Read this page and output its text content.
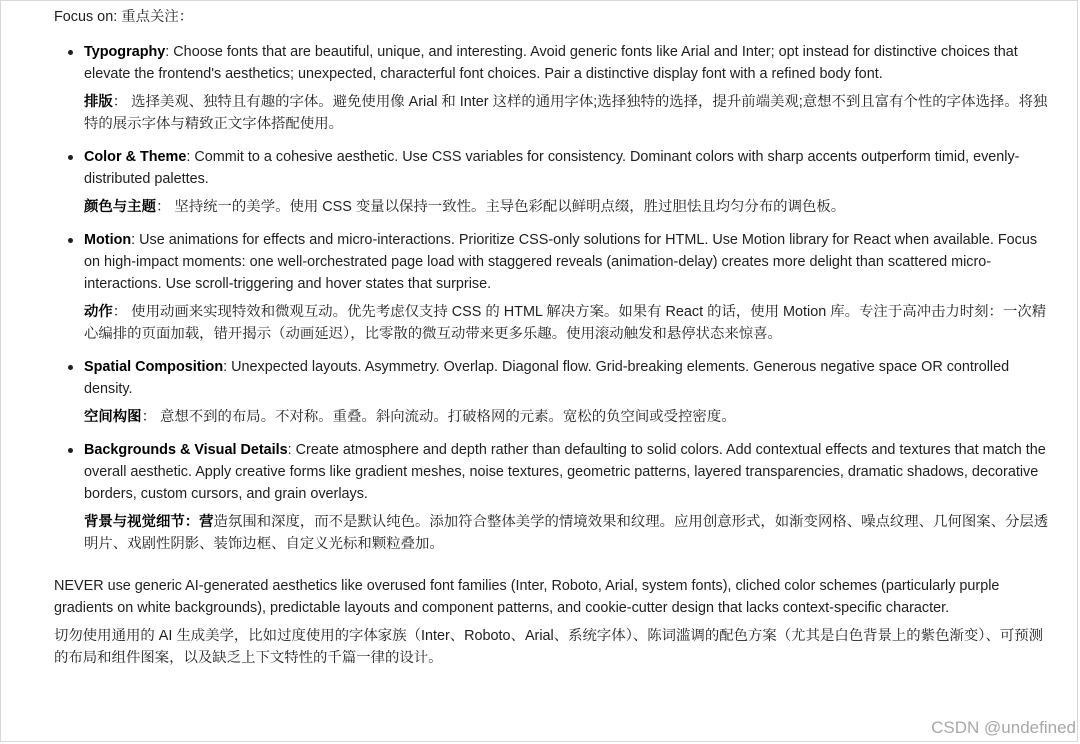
Focus on: 重点关注：

Typography: Choose fonts that are beautiful, unique, and interesting. Avoid generic fonts like Arial and Inter; opt instead for distinctive choices that elevate the frontend's aesthetics; unexpected, characterful font choices. Pair a distinctive display font with a refined body font.

排版： 选择美观、独特且有趣的字体。避免使用像 Arial 和 Inter 这样的通用字体;选择独特的选择，提升前端美观;意想不到且富有个性的字体选择。将独特的展示字体与精致正文字体搭配使用。

Color & Theme: Commit to a cohesive aesthetic. Use CSS variables for consistency. Dominant colors with sharp accents outperform timid, evenly-distributed palettes.

颜色与主题： 坚持统一的美学。使用 CSS 变量以保持一致性。主导色彩配以鲜明点缀，胜过胆怯且均匀分布的调色板。

Motion: Use animations for effects and micro-interactions. Prioritize CSS-only solutions for HTML. Use Motion library for React when available. Focus on high-impact moments: one well-orchestrated page load with staggered reveals (animation-delay) creates more delight than scattered micro-interactions. Use scroll-triggering and hover states that surprise.

动作： 使用动画来实现特效和微观互动。优先考虑仅支持 CSS 的 HTML 解决方案。如果有 React 的话，使用 Motion 库。专注于高冲击力时刻：一次精心编排的页面加载，错开揭示（动画延迟），比零散的微互动带来更多乐趣。使用滚动触发和悬停状态来惊喜。

Spatial Composition: Unexpected layouts. Asymmetry. Overlap. Diagonal flow. Grid-breaking elements. Generous negative space OR controlled density.

空间构图： 意想不到的布局。不对称。重叠。斜向流动。打破格网的元素。宽松的负空间或受控密度。

Backgrounds & Visual Details: Create atmosphere and depth rather than defaulting to solid colors. Add contextual effects and textures that match the overall aesthetic. Apply creative forms like gradient meshes, noise textures, geometric patterns, layered transparencies, dramatic shadows, decorative borders, custom cursors, and grain overlays.

背景与视觉细节：营造氛围和深度，而不是默认纯色。添加符合整体美学的情境效果和纹理。应用创意形式，如渐变网格、噪点纹理、几何图案、分层透明片、戏剧性阴影、装饰边框、自定义光标和颗粒叠加。

NEVER use generic AI-generated aesthetics like overused font families (Inter, Roboto, Arial, system fonts), cliched color schemes (particularly purple gradients on white backgrounds), predictable layouts and component patterns, and cookie-cutter design that lacks context-specific character.

切勿使用通用的 AI 生成美学，比如过度使用的字体家族（Inter、Roboto、Arial、系统字体）、陈词滥调的配色方案（尤其是白色背景上的紫色渐变）、可预测的布局和组件图案，以及缺乏上下文特性的千篇一律的设计。

CSDN @undefined
